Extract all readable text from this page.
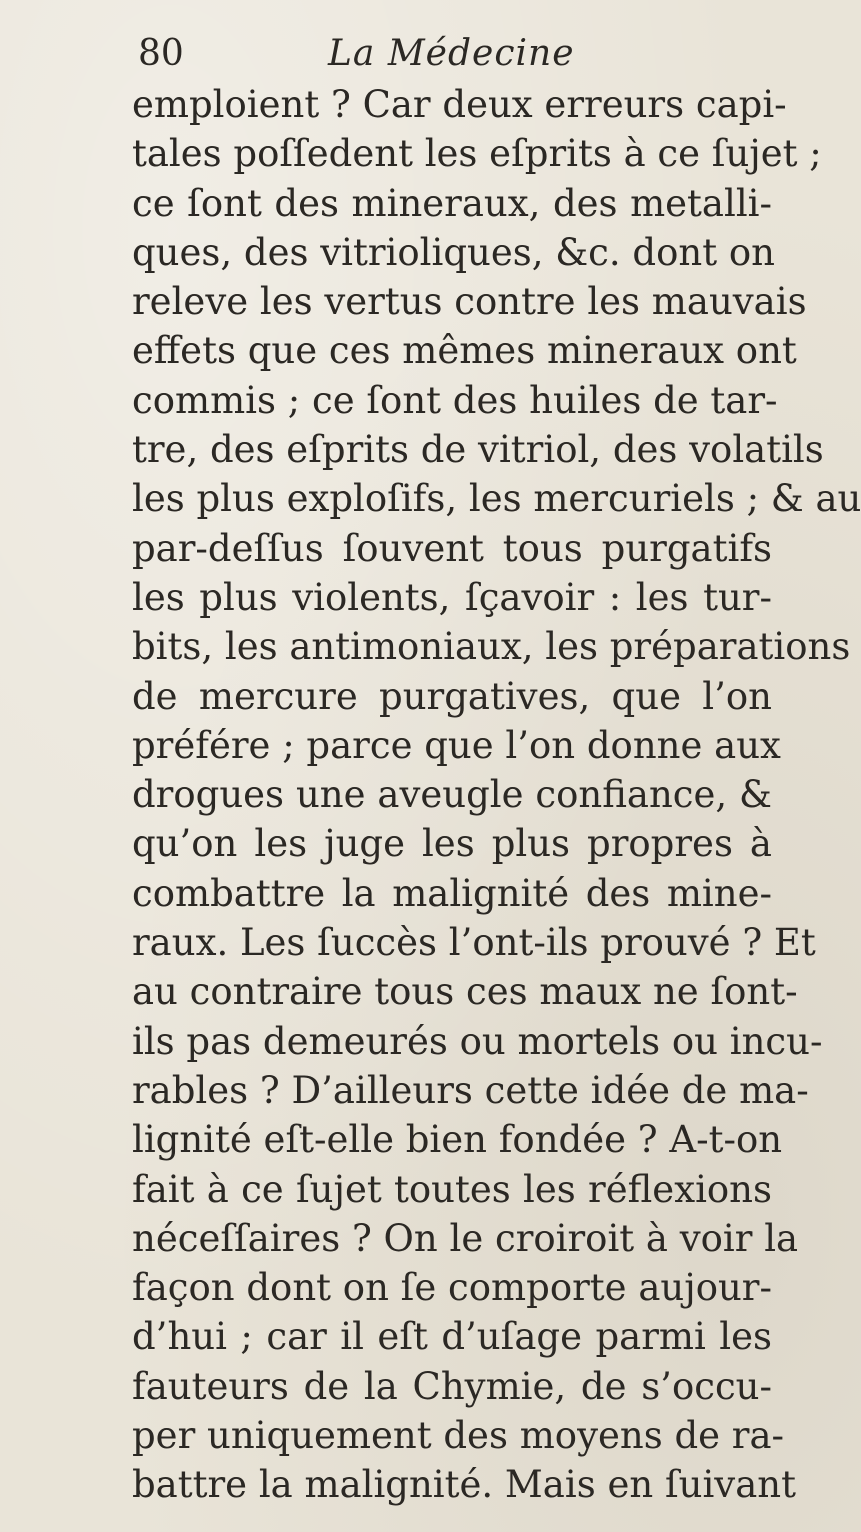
80	La Médecine
emploient ? Car deux erreurs capi-
tales poſſedent les eſprits à ce ſujet ;
ce ſont des mineraux, des metalli-
ques, des vitrioliques, &c. dont on
releve les vertus contre les mauvais
effets que ces mêmes mineraux ont
commis ; ce ſont des huiles de tar-
tre, des eſprits de vitriol, des volatils
les plus exploſifs, les mercuriels ; & au
par-deſſus ſouvent tous purgatifs
les plus violents, ſçavoir : les tur-
bits, les antimoniaux, les préparations
de mercure purgatives, que l’on
préfére ; parce que l’on donne aux
drogues une aveugle confiance, &
qu’on les juge les plus propres à
combattre la malignité des mine-
raux. Les ſuccès l’ont-ils prouvé ? Et
au contraire tous ces maux ne ſont-
ils pas demeurés ou mortels ou incu-
rables ? D’ailleurs cette idée de ma-
lignité eſt-elle bien fondée ? A-t-on
fait à ce ſujet toutes les réflexions
néceſſaires ? On le croiroit à voir la
façon dont on ſe comporte aujour-
d’hui ; car il eſt d’uſage parmi les
fauteurs de la Chymie, de s’occu-
per uniquement des moyens de ra-
battre la malignité. Mais en ſuivant
